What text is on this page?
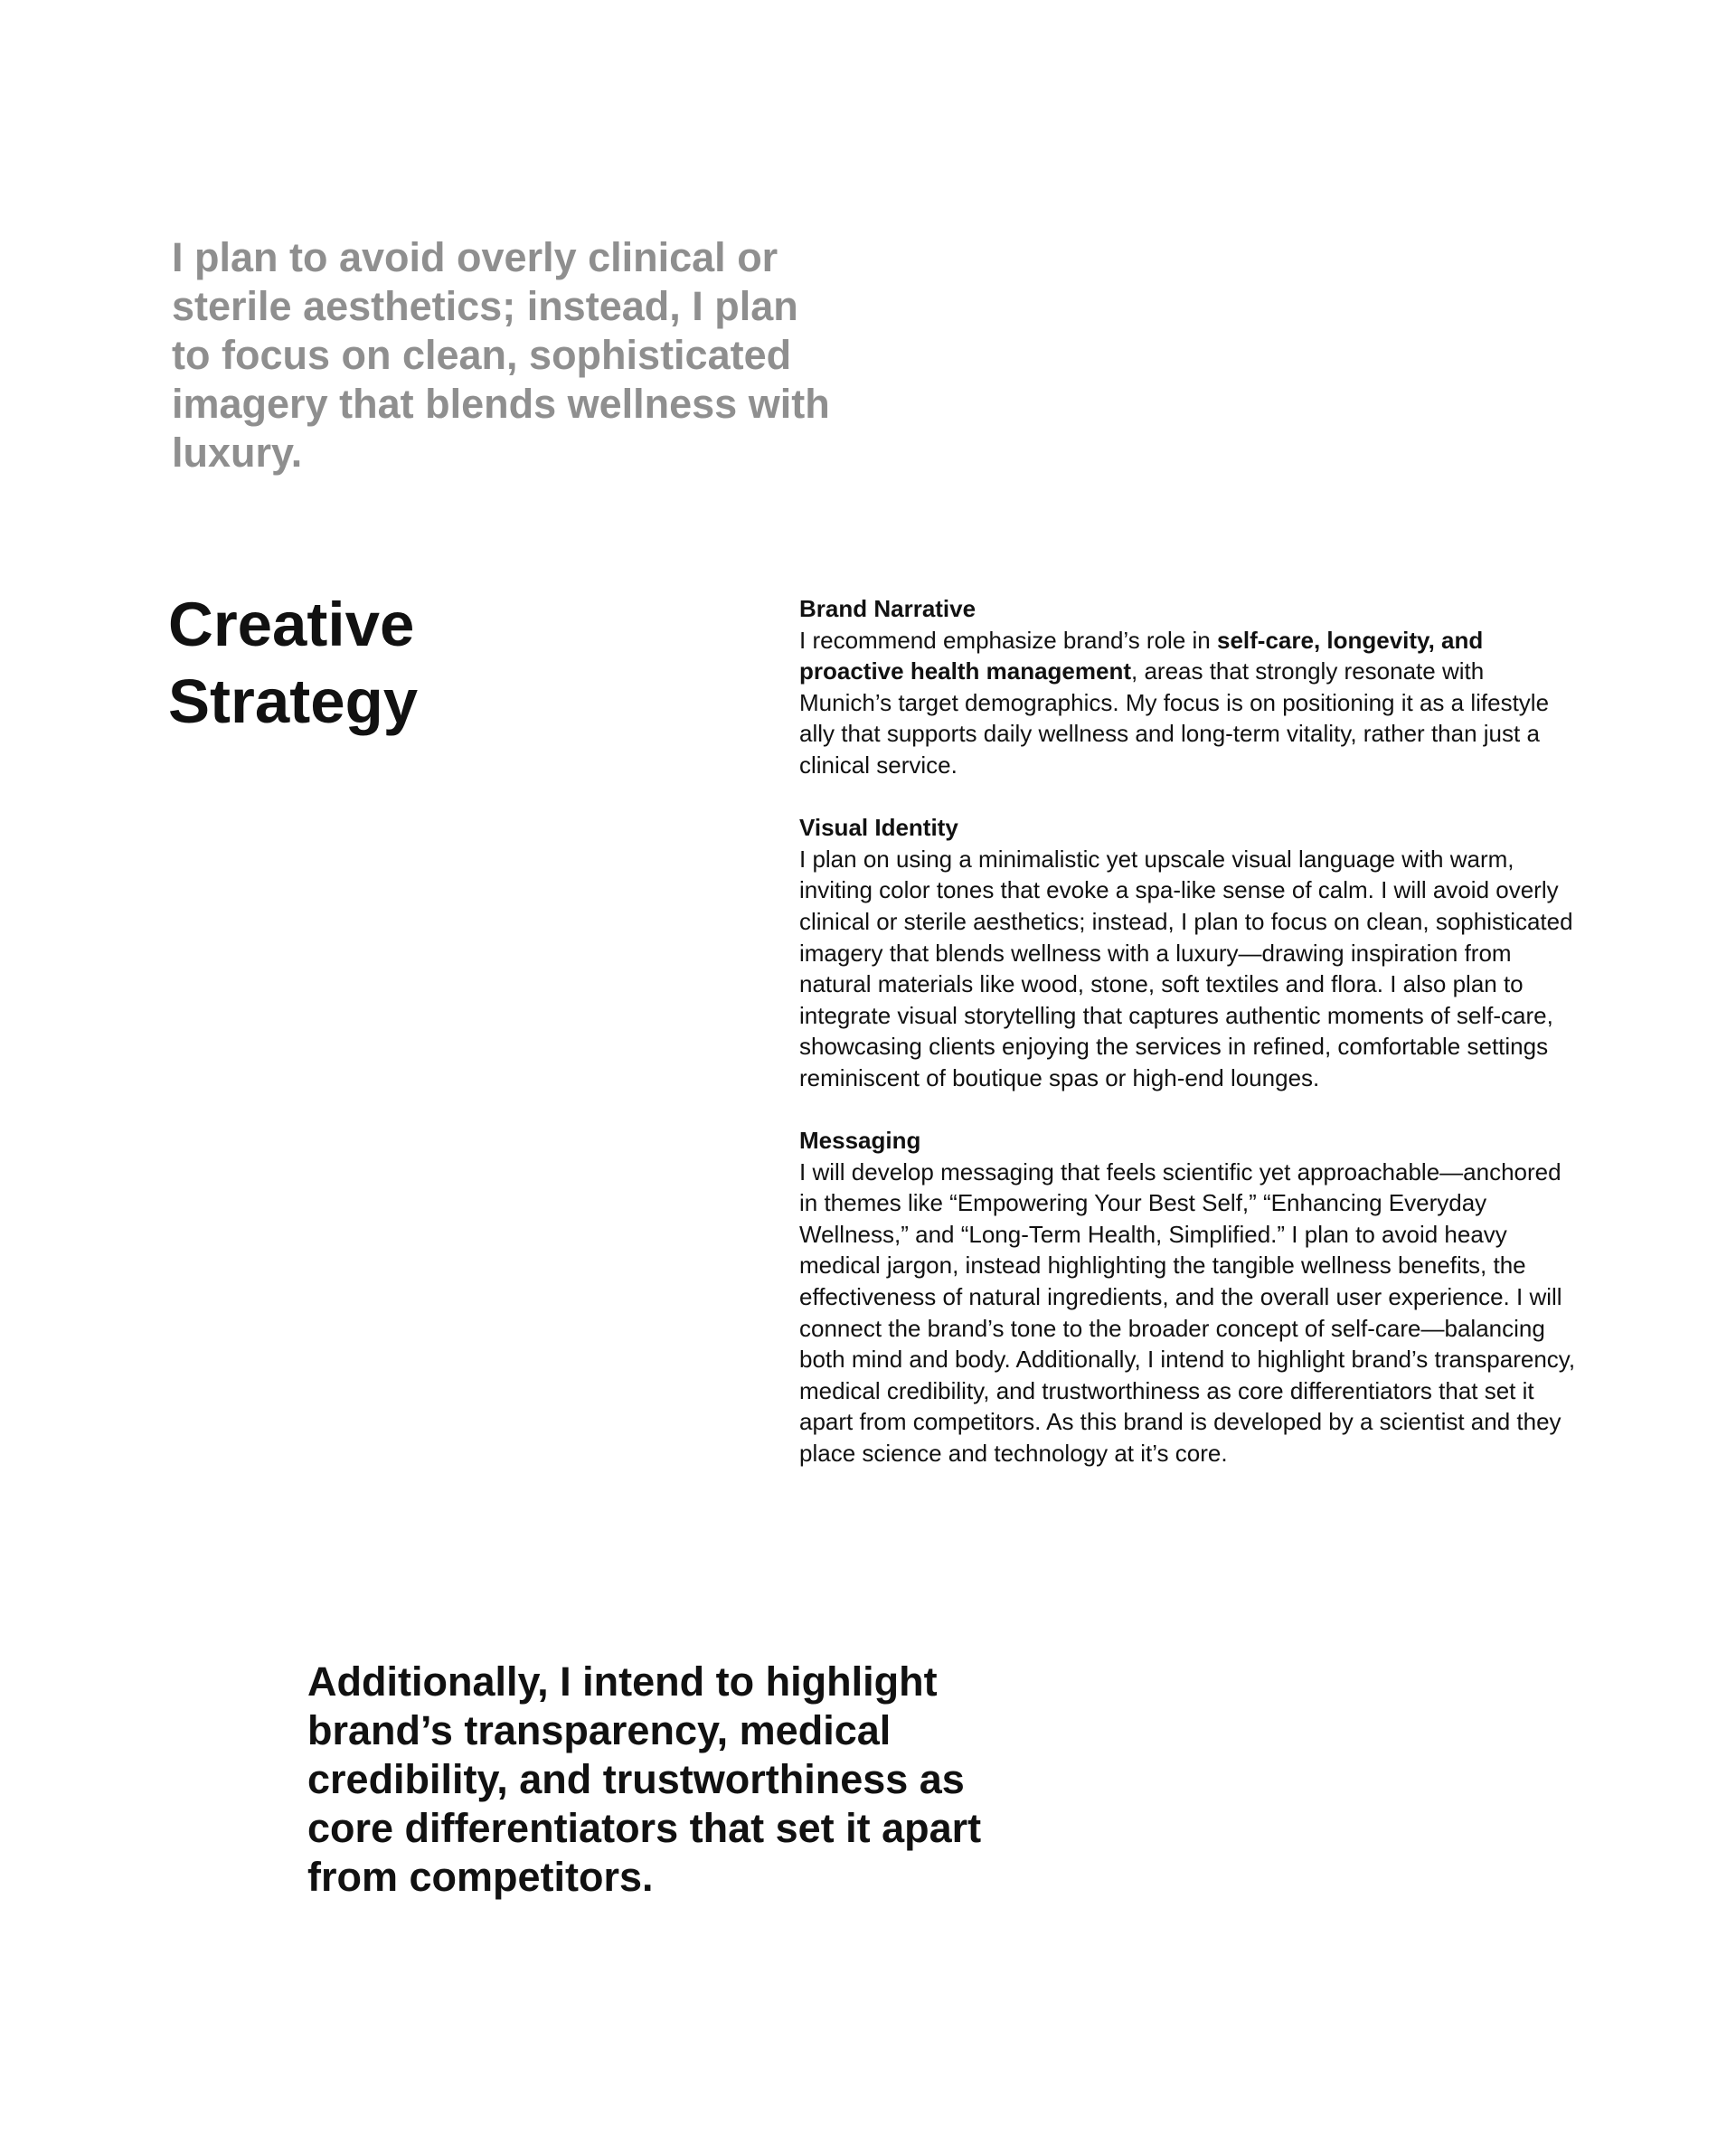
I plan to avoid overly clinical or sterile aesthetics; instead, I plan to focus on clean, sophisticated imagery that blends wellness with luxury.

Creative
Strategy
Brand Narrative

I recommend emphasize brand’s role in self-care, longevity, and proactive health management, areas that strongly resonate with Munich’s target demographics. My focus is on positioning it as a lifestyle ally that supports daily wellness and long-term vitality, rather than just a clinical service.

Visual Identity

I plan on using a minimalistic yet upscale visual language with warm, inviting color tones that evoke a spa-like sense of calm. I will avoid overly clinical or sterile aesthetics; instead, I plan to focus on clean, sophisticated imagery that blends wellness with a luxury—drawing inspiration from natural materials like wood, stone, soft textiles and flora. I also plan to integrate visual storytelling that captures authentic moments of self-care, showcasing clients enjoying the services in refined, comfortable settings reminiscent of boutique spas or high-end lounges.

Messaging

I will develop messaging that feels scientific yet approachable—anchored in themes like “Empowering Your Best Self,” “Enhancing Everyday Wellness,” and “Long-Term Health, Simplified.” I plan to avoid heavy medical jargon, instead highlighting the tangible wellness benefits, the effectiveness of natural ingredients, and the overall user experience. I will connect the brand’s tone to the broader concept of self-care—balancing both mind and body. Additionally, I intend to highlight brand’s transparency, medical credibility, and trustworthiness as core differentiators that set it apart from competitors. As this brand is developed by a scientist and they place science and technology at it’s core.

Additionally, I intend to highlight brand’s transparency, medical credibility, and trustworthiness as core differentiators that set it apart from competitors.
